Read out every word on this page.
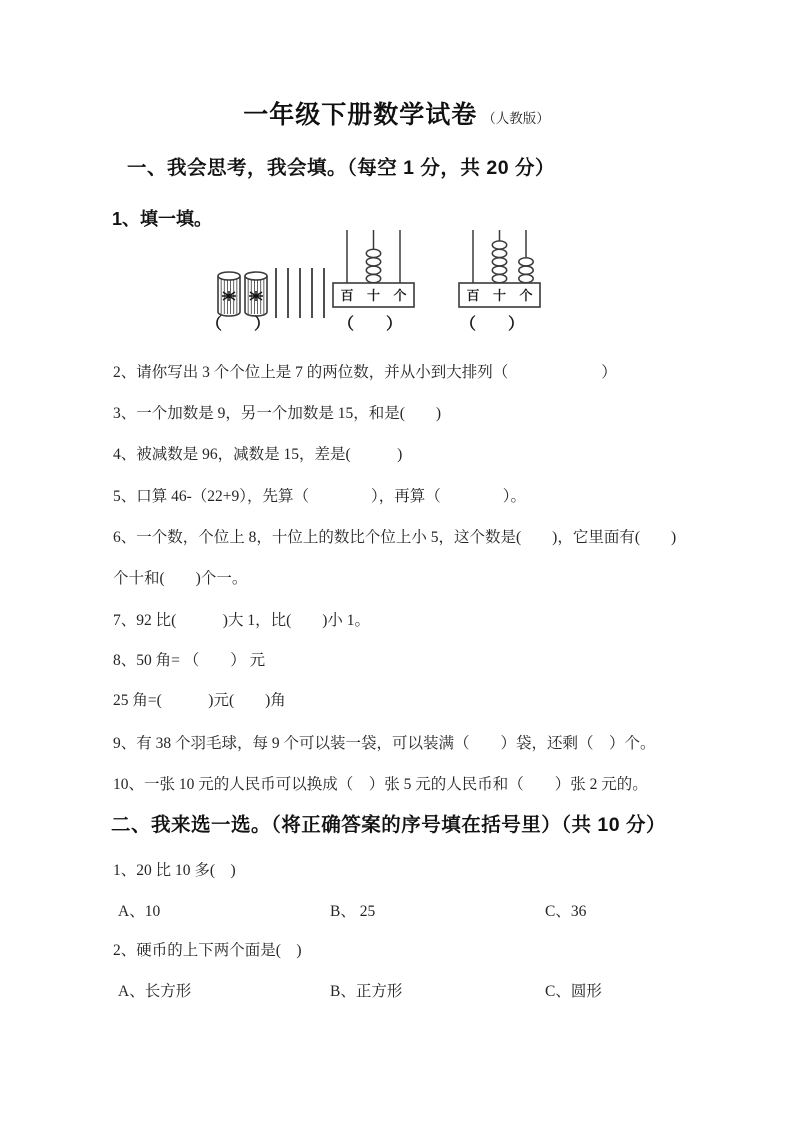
一年级下册数学试卷 （人教版）
一、我会思考，我会填。（每空 1 分，共 20 分）
1、填一填。
百 十 个	百 十 个
（　　）	（　　）	（　　）
2、请你写出 3 个个位上是 7 的两位数，并从小到大排列（　　　　　　）
3、一个加数是 9，另一个加数是 15，和是(　　)
4、被减数是 96，减数是 15，差是(　　　)
5、口算 46-（22+9），先算（　　　　），再算（　　　　）。
6、一个数，个位上 8，十位上的数比个位上小 5，这个数是(　　)，它里面有(　　)
个十和(　　)个一。
7、92 比(　　　)大 1，比(　　)小 1。
8、50 角= （　　） 元
25 角=(　　　)元(　　)角
9、有 38 个羽毛球，每 9 个可以装一袋，可以装满（　　）袋，还剩（　）个。
10、一张 10 元的人民币可以换成（　）张 5 元的人民币和（　　）张 2 元的。
二、我来选一选。（将正确答案的序号填在括号里）（共 10 分）
1、20 比 10 多(　)
A、10	B、 25	C、36
2、硬币的上下两个面是(　)
A、长方形	B、正方形	C、圆形
